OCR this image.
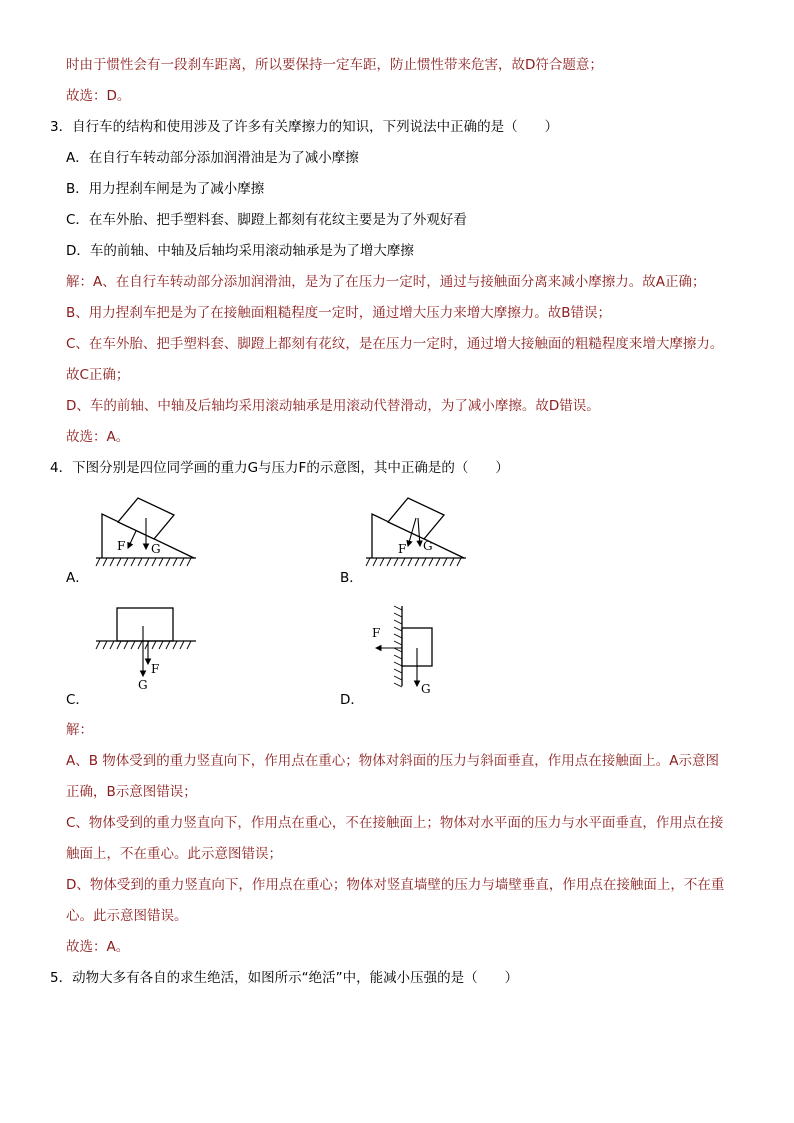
时由于惯性会有一段刹车距离，所以要保持一定车距，防止惯性带来危害，故D符合题意；
故选：D。
3．自行车的结构和使用涉及了许多有关摩擦力的知识，下列说法中正确的是（　　）
A．在自行车转动部分添加润滑油是为了减小摩擦
B．用力捏刹车闸是为了减小摩擦
C．在车外胎、把手塑料套、脚蹬上都刻有花纹主要是为了外观好看
D．车的前轴、中轴及后轴均采用滚动轴承是为了增大摩擦
解：A、在自行车转动部分添加润滑油，是为了在压力一定时，通过与接触面分离来减小摩擦力。故A正确；
B、用力捏刹车把是为了在接触面粗糙程度一定时，通过增大压力来增大摩擦力。故B错误；
C、在车外胎、把手塑料套、脚蹬上都刻有花纹，是在压力一定时，通过增大接触面的粗糙程度来增大摩擦力。
故C正确；
D、车的前轴、中轴及后轴均采用滚动轴承是用滚动代替滑动，为了减小摩擦。故D错误。
故选：A。
4．下图分别是四位同学画的重力G与压力F的示意图，其中正确是的（　　）
F G
A．
F G
B．
F
G
C．
F
G
D．
解：
A、B 物体受到的重力竖直向下，作用点在重心；物体对斜面的压力与斜面垂直，作用点在接触面上。A示意图
正确，B示意图错误；
C、物体受到的重力竖直向下，作用点在重心，不在接触面上；物体对水平面的压力与水平面垂直，作用点在接
触面上，不在重心。此示意图错误；
D、物体受到的重力竖直向下，作用点在重心；物体对竖直墙壁的压力与墙壁垂直，作用点在接触面上，不在重
心。此示意图错误。
故选：A。
5．动物大多有各自的求生绝活，如图所示“绝活”中，能减小压强的是（　　）
